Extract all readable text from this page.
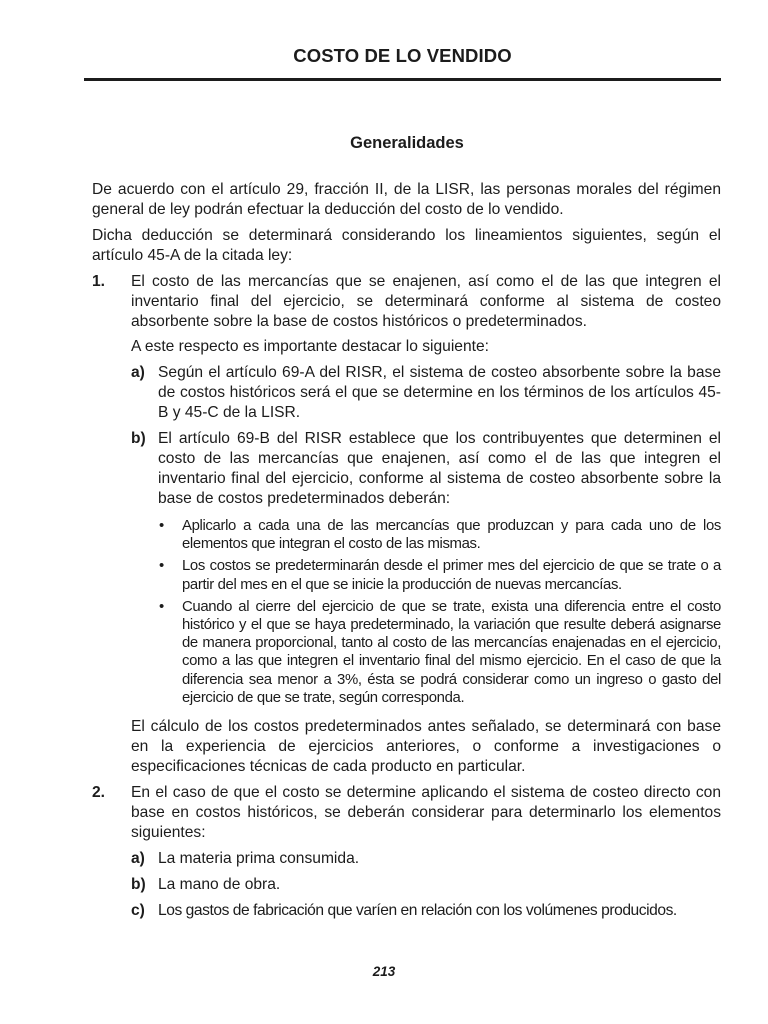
COSTO DE LO VENDIDO
Generalidades

De acuerdo con el artículo 29, fracción II, de la LISR, las personas morales del régimen general de ley podrán efectuar la deducción del costo de lo vendido.

Dicha deducción se determinará considerando los lineamientos siguientes, según el artículo 45-A de la citada ley:

1.	El costo de las mercancías que se enajenen, así como el de las que integren el inventario final del ejercicio, se determinará conforme al sistema de costeo absorbente sobre la base de costos históricos o predeterminados.

A este respecto es importante destacar lo siguiente:

a) Según el artículo 69-A del RISR, el sistema de costeo absorbente sobre la base de costos históricos será el que se determine en los términos de los artículos 45-B y 45-C de la LISR.

b) El artículo 69-B del RISR establece que los contribuyentes que determinen el costo de las mercancías que enajenen, así como el de las que integren el inventario final del ejercicio, conforme al sistema de costeo absorbente sobre la base de costos predeterminados deberán:

•	Aplicarlo a cada una de las mercancías que produzcan y para cada uno de los elementos que integran el costo de las mismas.
•	Los costos se predeterminarán desde el primer mes del ejercicio de que se trate o a partir del mes en el que se inicie la producción de nuevas mercancías.
•	Cuando al cierre del ejercicio de que se trate, exista una diferencia entre el costo histórico y el que se haya predeterminado, la variación que resulte deberá asignarse de manera proporcional, tanto al costo de las mercancías enajenadas en el ejercicio, como a las que integren el inventario final del mismo ejercicio. En el caso de que la diferencia sea menor a 3%, ésta se podrá considerar como un ingreso o gasto del ejercicio de que se trate, según corresponda.

El cálculo de los costos predeterminados antes señalado, se determinará con base en la experiencia de ejercicios anteriores, o conforme a investigaciones o especificaciones técnicas de cada producto en particular.

2.	En el caso de que el costo se determine aplicando el sistema de costeo directo con base en costos históricos, se deberán considerar para determinarlo los elementos siguientes:

a) La materia prima consumida.

b) La mano de obra.

c) Los gastos de fabricación que varíen en relación con los volúmenes producidos.

213
